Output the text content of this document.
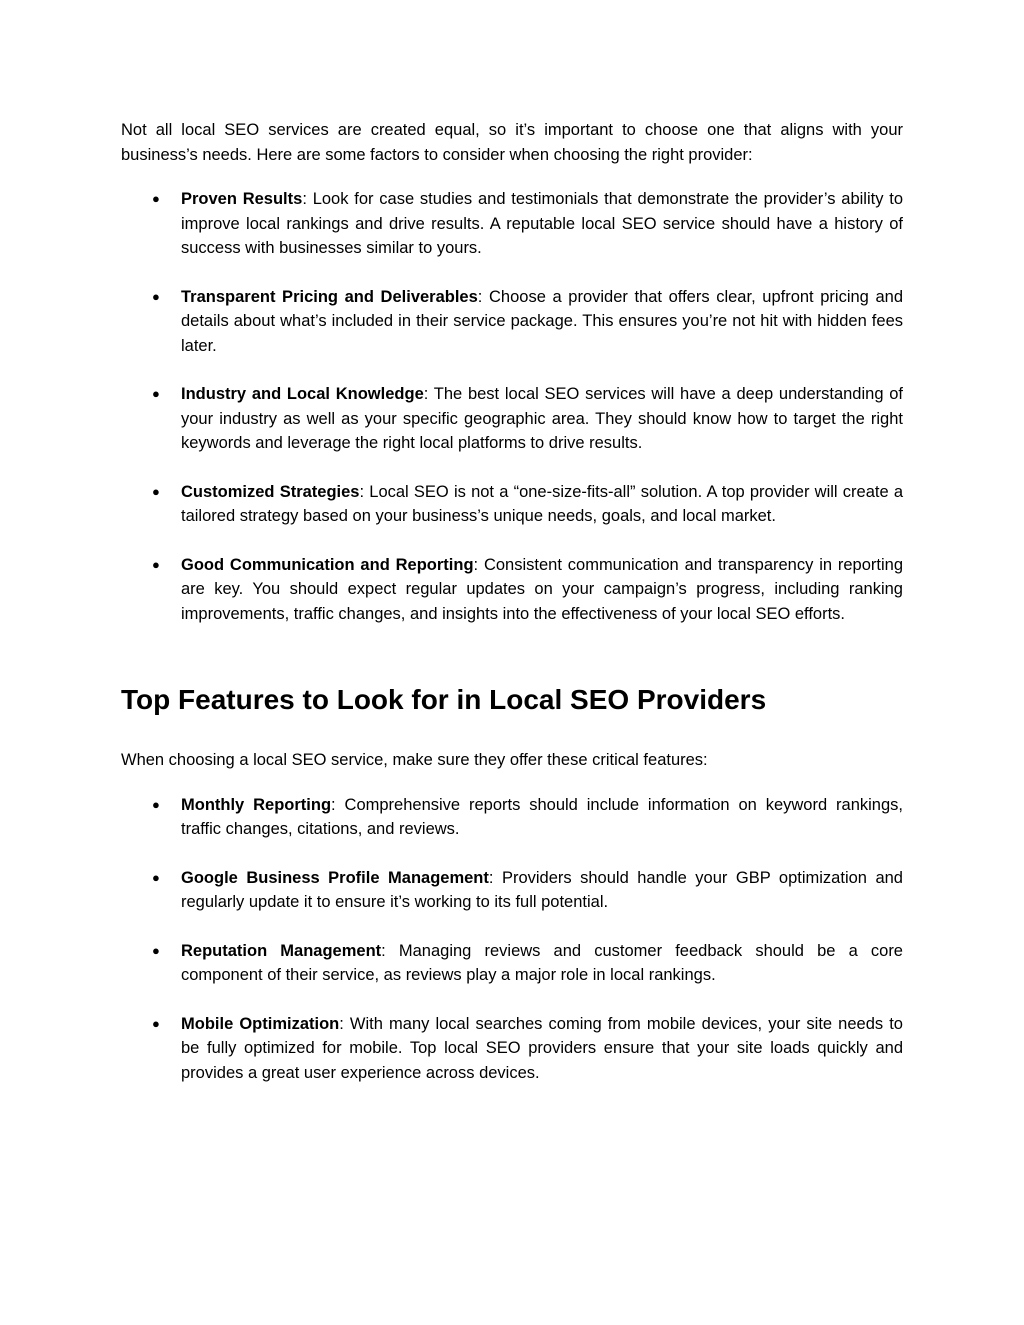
Not all local SEO services are created equal, so it’s important to choose one that aligns with your business’s needs. Here are some factors to consider when choosing the right provider:

● Proven Results: Look for case studies and testimonials that demonstrate the provider’s ability to improve local rankings and drive results. A reputable local SEO service should have a history of success with businesses similar to yours.
● Transparent Pricing and Deliverables: Choose a provider that offers clear, upfront pricing and details about what’s included in their service package. This ensures you’re not hit with hidden fees later.
● Industry and Local Knowledge: The best local SEO services will have a deep understanding of your industry as well as your specific geographic area. They should know how to target the right keywords and leverage the right local platforms to drive results.
● Customized Strategies: Local SEO is not a “one-size-fits-all” solution. A top provider will create a tailored strategy based on your business’s unique needs, goals, and local market.
● Good Communication and Reporting: Consistent communication and transparency in reporting are key. You should expect regular updates on your campaign’s progress, including ranking improvements, traffic changes, and insights into the effectiveness of your local SEO efforts.
Top Features to Look for in Local SEO Providers

When choosing a local SEO service, make sure they offer these critical features:

● Monthly Reporting: Comprehensive reports should include information on keyword rankings, traffic changes, citations, and reviews.
● Google Business Profile Management: Providers should handle your GBP optimization and regularly update it to ensure it’s working to its full potential.
● Reputation Management: Managing reviews and customer feedback should be a core component of their service, as reviews play a major role in local rankings.
● Mobile Optimization: With many local searches coming from mobile devices, your site needs to be fully optimized for mobile. Top local SEO providers ensure that your site loads quickly and provides a great user experience across devices.
